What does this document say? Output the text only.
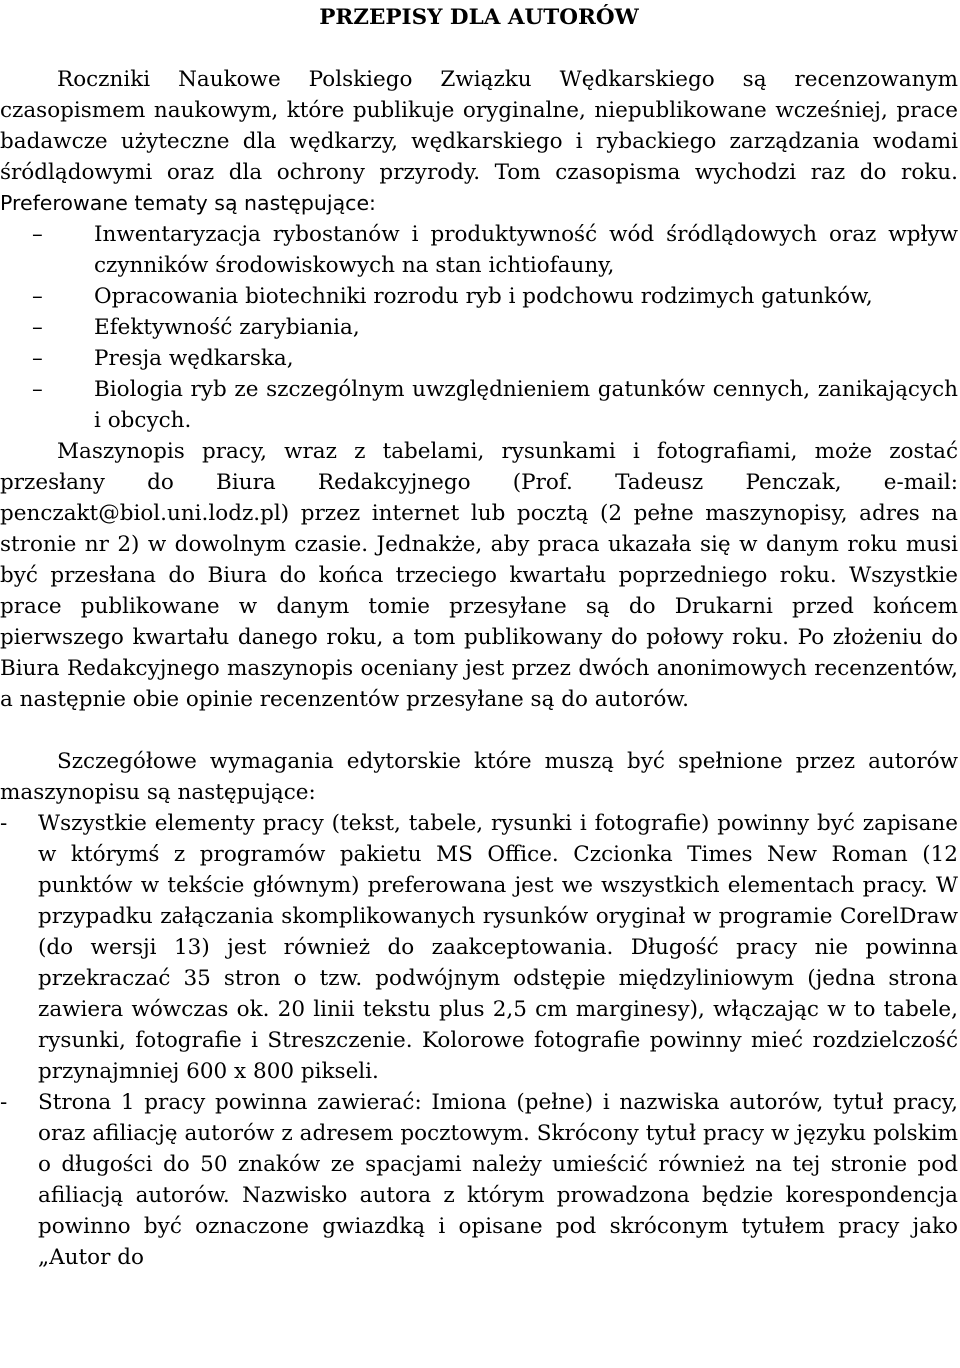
PRZEPISY DLA AUTORÓW

Roczniki Naukowe Polskiego Związku Wędkarskiego są recenzowanym czasopismem naukowym, które publikuje oryginalne, niepublikowane wcześniej, prace badawcze użyteczne dla wędkarzy, wędkarskiego i rybackiego zarządzania wodami śródlądowymi oraz dla ochrony przyrody. Tom czasopisma wychodzi raz do roku. Preferowane tematy są następujące:

– Inwentaryzacja rybostanów i produktywność wód śródlądowych oraz wpływ czynników środowiskowych na stan ichtiofauny,
– Opracowania biotechniki rozrodu ryb i podchowu rodzimych gatunków,
– Efektywność zarybiania,
– Presja wędkarska,
– Biologia ryb ze szczególnym uwzględnieniem gatunków cennych, zanikających i obcych.

Maszynopis pracy, wraz z tabelami, rysunkami i fotografiami, może zostać przesłany do Biura Redakcyjnego (Prof. Tadeusz Penczak, e-mail: penczakt@biol.uni.lodz.pl) przez internet lub pocztą (2 pełne maszynopisy, adres na stronie nr 2) w dowolnym czasie. Jednakże, aby praca ukazała się w danym roku musi być przesłana do Biura do końca trzeciego kwartału poprzedniego roku. Wszystkie prace publikowane w danym tomie przesyłane są do Drukarni przed końcem pierwszego kwartału danego roku, a tom publikowany do połowy roku. Po złożeniu do Biura Redakcyjnego maszynopis oceniany jest przez dwóch anonimowych recenzentów, a następnie obie opinie recenzentów przesyłane są do autorów.

Szczegółowe wymagania edytorskie które muszą być spełnione przez autorów maszynopisu są następujące:

- Wszystkie elementy pracy (tekst, tabele, rysunki i fotografie) powinny być zapisane w którymś z programów pakietu MS Office. Czcionka Times New Roman (12 punktów w tekście głównym) preferowana jest we wszystkich elementach pracy. W przypadku załączania skomplikowanych rysunków oryginał w programie CorelDraw (do wersji 13) jest również do zaakceptowania. Długość pracy nie powinna przekraczać 35 stron o tzw. podwójnym odstępie międzyliniowym (jedna strona zawiera wówczas ok. 20 linii tekstu plus 2,5 cm marginesy), włączając w to tabele, rysunki, fotografie i Streszczenie. Kolorowe fotografie powinny mieć rozdzielczość przynajmniej 600 x 800 pikseli.
- Strona 1 pracy powinna zawierać: Imiona (pełne) i nazwiska autorów, tytuł pracy, oraz afiliację autorów z adresem pocztowym. Skrócony tytuł pracy w języku polskim o długości do 50 znaków ze spacjami należy umieścić również na tej stronie pod afiliacją autorów. Nazwisko autora z którym prowadzona będzie korespondencja powinno być oznaczone gwiazdką i opisane pod skróconym tytułem pracy jako „Autor do
